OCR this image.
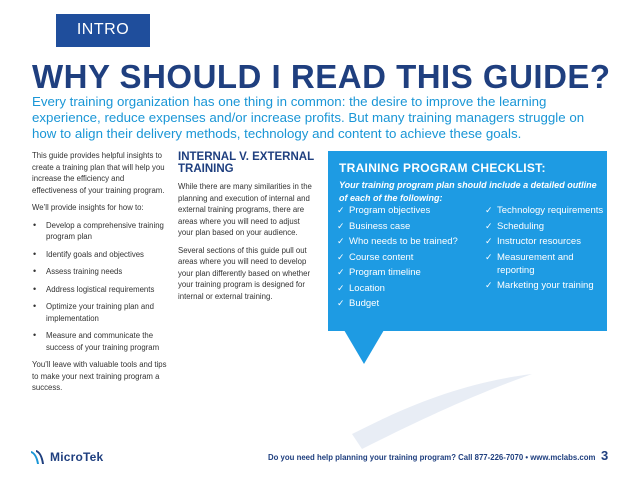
INTRO
WHY SHOULD I READ THIS GUIDE?
Every training organization has one thing in common: the desire to improve the learning experience, reduce expenses and/or increase profits. But many training managers struggle on how to align their delivery methods, technology and content to achieve these goals.

This guide provides helpful insights to create a training plan that will help you increase the efficiency and effectiveness of your training program.

We’ll provide insights for how to:

• Develop a comprehensive training program plan
• Identify goals and objectives
• Assess training needs
• Address logistical requirements
• Optimize your training plan and implementation
• Measure and communicate the success of your training program

You’ll leave with valuable tools and tips to make your next training program a success.

INTERNAL V. EXTERNAL TRAINING

While there are many similarities in the planning and execution of internal and external training programs, there are areas where you will need to adjust your plan based on your audience.

Several sections of this guide pull out areas where you will need to develop your plan differently based on whether your training program is designed for internal or external training.

TRAINING PROGRAM CHECKLIST:
Your training program plan should include a detailed outline of each of the following:
✓ Program objectives
✓ Business case
✓ Who needs to be trained?
✓ Course content
✓ Program timeline
✓ Location
✓ Budget
✓ Technology requirements
✓ Scheduling
✓ Instructor resources
✓ Measurement and reporting
✓ Marketing your training
MicroTek	Do you need help planning your training program? Call 877-226-7070 • www.mclabs.com 3
